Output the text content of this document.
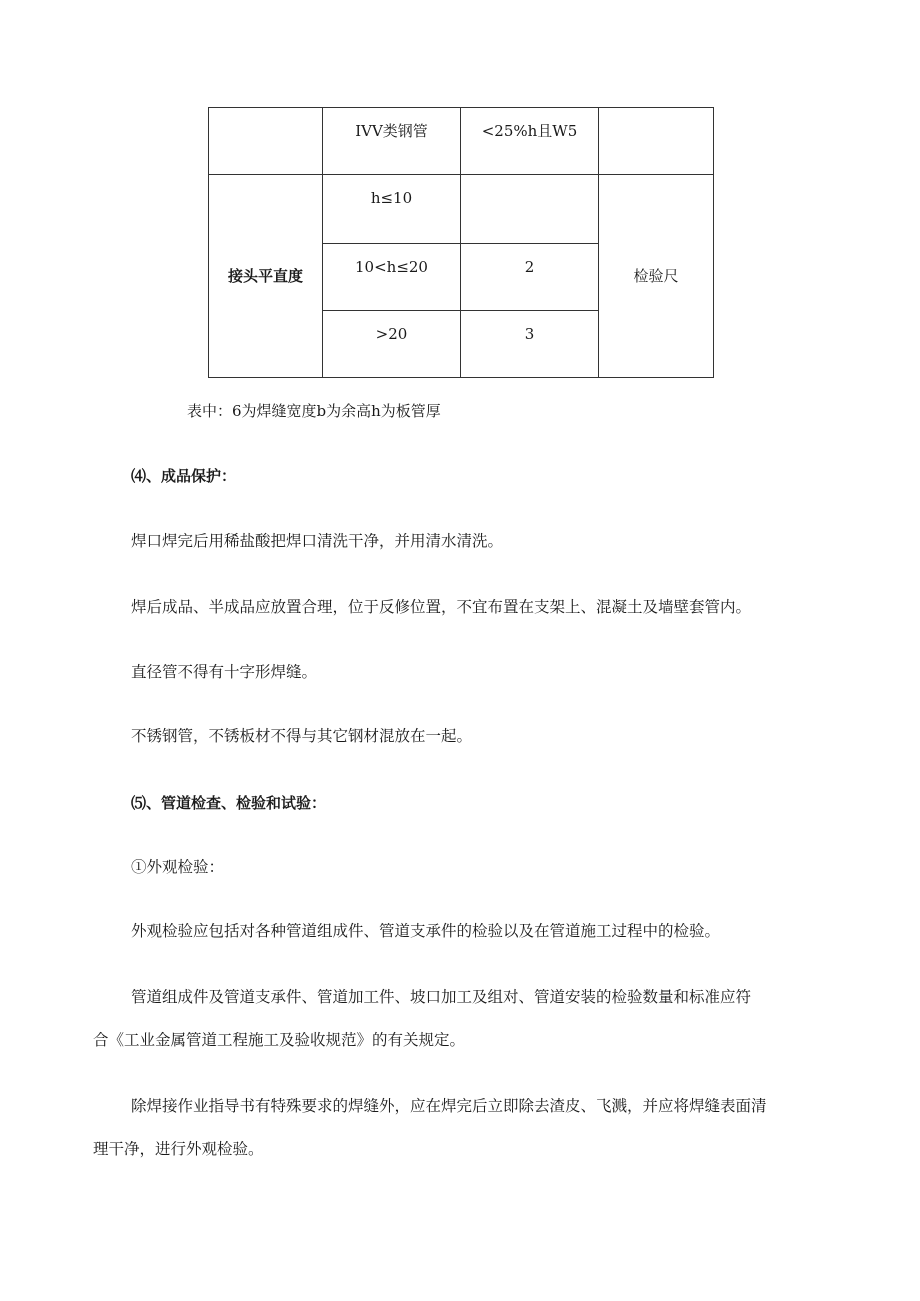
	IVV类钢管	<25%h且W5	
接头平直度	h≤10		检验尺
	10<h≤20	2	
	>20	3	
表中：6为焊缝宽度b为余高h为板管厚
⑷、成品保护：
焊口焊完后用稀盐酸把焊口清洗干净，并用清水清洗。
焊后成品、半成品应放置合理，位于反修位置，不宜布置在支架上、混凝土及墙壁套管内。
直径管不得有十字形焊缝。
不锈钢管，不锈板材不得与其它钢材混放在一起。
⑸、管道检查、检验和试验：
①外观检验：
外观检验应包括对各种管道组成件、管道支承件的检验以及在管道施工过程中的检验。
管道组成件及管道支承件、管道加工件、坡口加工及组对、管道安装的检验数量和标准应符
合《工业金属管道工程施工及验收规范》的有关规定。
除焊接作业指导书有特殊要求的焊缝外，应在焊完后立即除去渣皮、飞溅，并应将焊缝表面清
理干净，进行外观检验。
